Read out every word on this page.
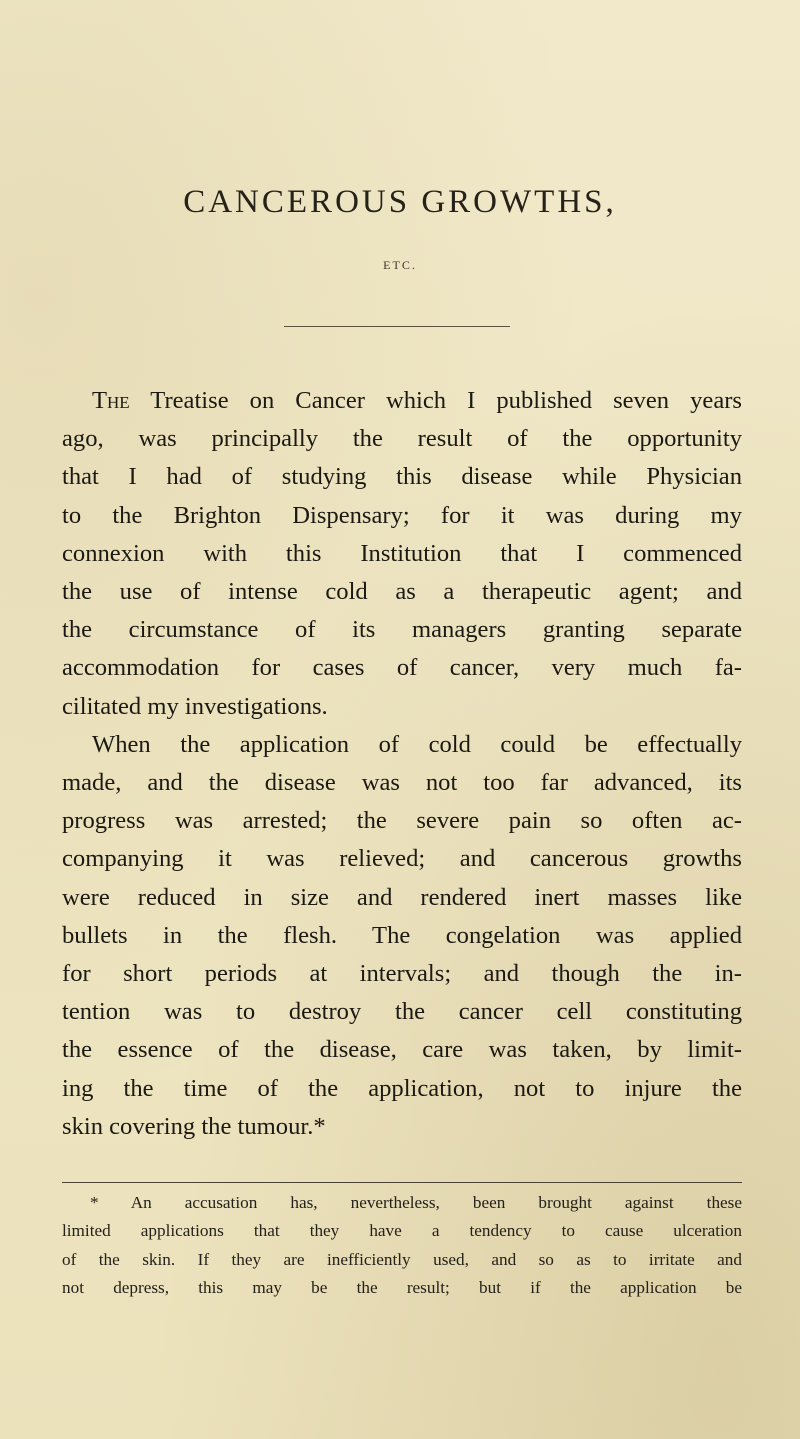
CANCEROUS GROWTHS,
ETC.
The Treatise on Cancer which I published seven years
ago, was principally the result of the opportunity
that I had of studying this disease while Physician
to the Brighton Dispensary; for it was during my
connexion with this Institution that I commenced
the use of intense cold as a therapeutic agent; and
the circumstance of its managers granting separate
accommodation for cases of cancer, very much fa-
cilitated my investigations.
When the application of cold could be effectually
made, and the disease was not too far advanced, its
progress was arrested; the severe pain so often ac-
companying it was relieved; and cancerous growths
were reduced in size and rendered inert masses like
bullets in the flesh. The congelation was applied
for short periods at intervals; and though the in-
tention was to destroy the cancer cell constituting
the essence of the disease, care was taken, by limit-
ing the time of the application, not to injure the
skin covering the tumour.*
* An accusation has, nevertheless, been brought against these
limited applications that they have a tendency to cause ulceration
of the skin. If they are inefficiently used, and so as to irritate and
not depress, this may be the result; but if the application be
